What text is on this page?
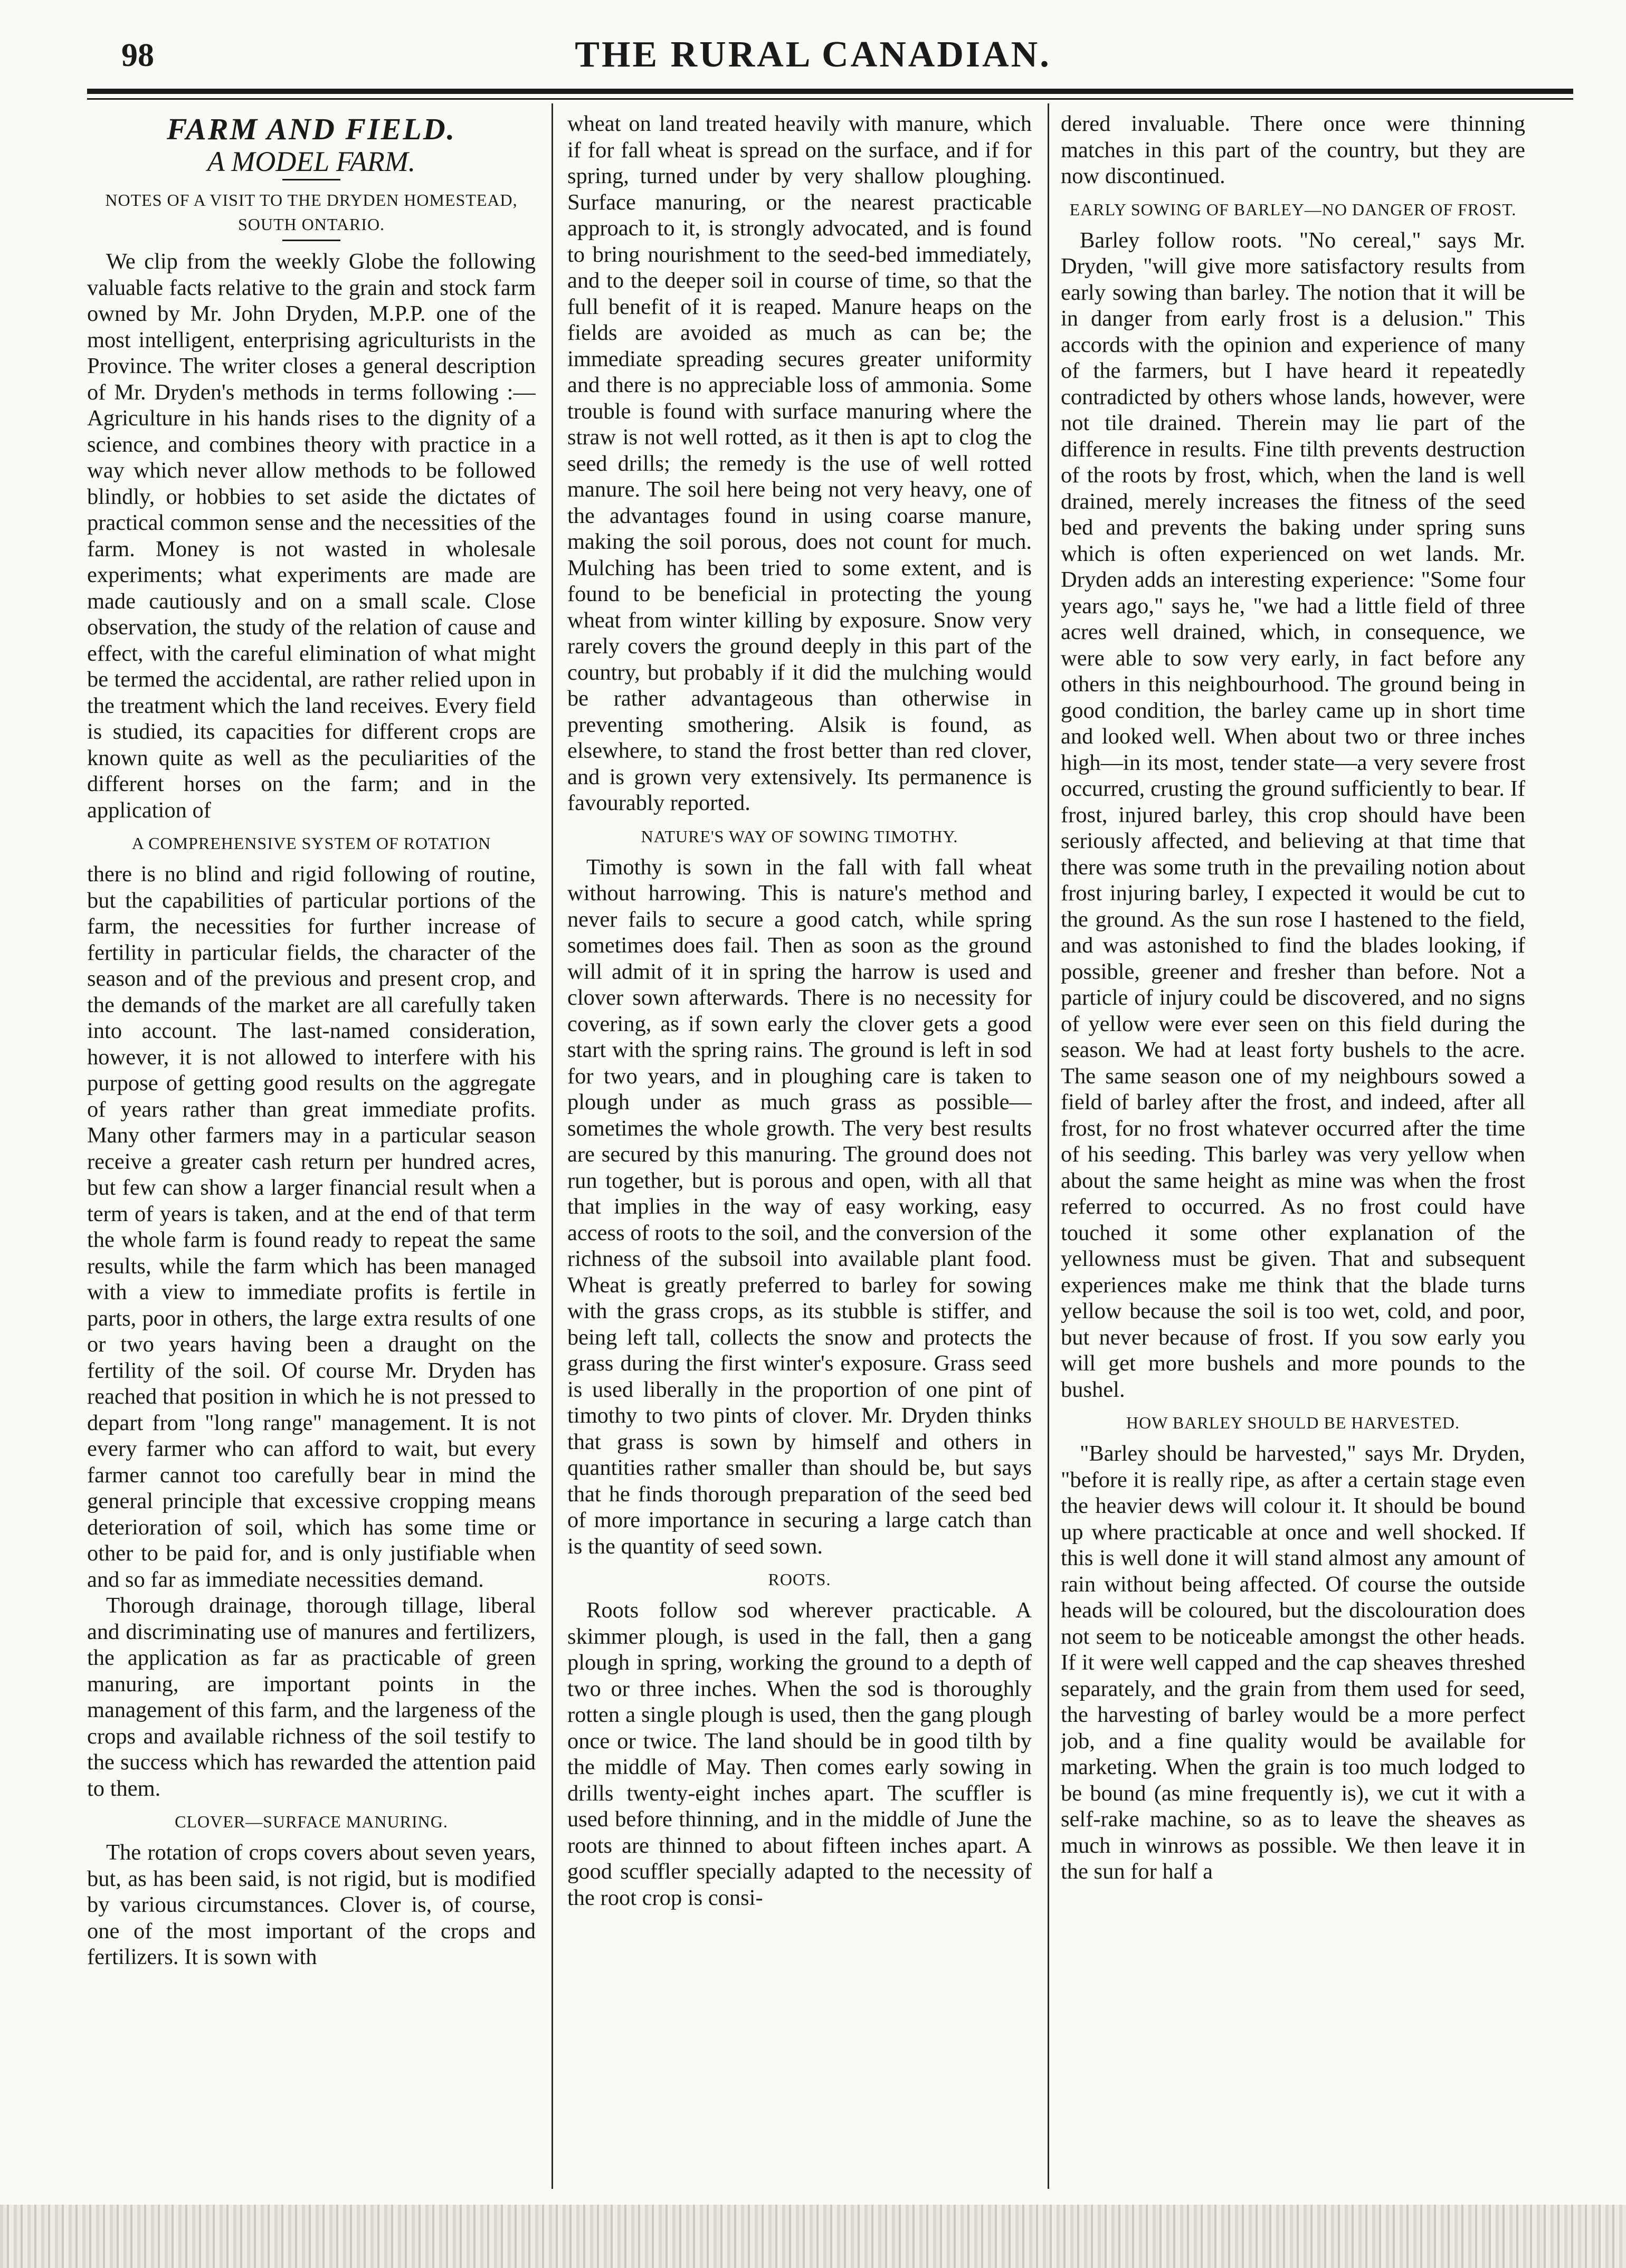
98	THE RURAL CANADIAN.
FARM AND FIELD.
A MODEL FARM.
NOTES OF A VISIT TO THE DRYDEN HOMESTEAD, SOUTH ONTARIO.

We clip from the weekly Globe the following valuable facts relative to the grain and stock farm owned by Mr. John Dryden, M.P.P. one of the most intelligent, enterprising agriculturists in the Province. The writer closes a general description of Mr. Dryden's methods in terms following :—Agriculture in his hands rises to the dignity of a science, and combines theory with practice in a way which never allow methods to be followed blindly, or hobbies to set aside the dictates of practical common sense and the necessities of the farm. Money is not wasted in wholesale experiments; what experiments are made are made cautiously and on a small scale. Close observation, the study of the relation of cause and effect, with the careful elimination of what might be termed the accidental, are rather relied upon in the treatment which the land receives. Every field is studied, its capacities for different crops are known quite as well as the peculiarities of the different horses on the farm; and in the application of

A COMPREHENSIVE SYSTEM OF ROTATION

there is no blind and rigid following of routine, but the capabilities of particular portions of the farm, the necessities for further increase of fertility in particular fields, the character of the season and of the previous and present crop, and the demands of the market are all carefully taken into account. The last-named consideration, however, it is not allowed to interfere with his purpose of getting good results on the aggregate of years rather than great immediate profits. Many other farmers may in a particular season receive a greater cash return per hundred acres, but few can show a larger financial result when a term of years is taken, and at the end of that term the whole farm is found ready to repeat the same results, while the farm which has been managed with a view to immediate profits is fertile in parts, poor in others, the large extra results of one or two years having been a draught on the fertility of the soil. Of course Mr. Dryden has reached that position in which he is not pressed to depart from "long range" management. It is not every farmer who can afford to wait, but every farmer cannot too carefully bear in mind the general principle that excessive cropping means deterioration of soil, which has some time or other to be paid for, and is only justifiable when and so far as immediate necessities demand.

Thorough drainage, thorough tillage, liberal and discriminating use of manures and fertilizers, the application as far as practicable of green manuring, are important points in the management of this farm, and the largeness of the crops and available richness of the soil testify to the success which has rewarded the attention paid to them.

CLOVER—SURFACE MANURING.

The rotation of crops covers about seven years, but, as has been said, is not rigid, but is modified by various circumstances. Clover is, of course, one of the most important of the crops and fertilizers. It is sown with

wheat on land treated heavily with manure, which if for fall wheat is spread on the surface, and if for spring, turned under by very shallow ploughing. Surface manuring, or the nearest practicable approach to it, is strongly advocated, and is found to bring nourishment to the seed-bed immediately, and to the deeper soil in course of time, so that the full benefit of it is reaped. Manure heaps on the fields are avoided as much as can be; the immediate spreading secures greater uniformity and there is no appreciable loss of ammonia. Some trouble is found with surface manuring where the straw is not well rotted, as it then is apt to clog the seed drills; the remedy is the use of well rotted manure. The soil here being not very heavy, one of the advantages found in using coarse manure, making the soil porous, does not count for much. Mulching has been tried to some extent, and is found to be beneficial in protecting the young wheat from winter killing by exposure. Snow very rarely covers the ground deeply in this part of the country, but probably if it did the mulching would be rather advantageous than otherwise in preventing smothering. Alsik is found, as elsewhere, to stand the frost better than red clover, and is grown very extensively. Its permanence is favourably reported.

NATURE'S WAY OF SOWING TIMOTHY.

Timothy is sown in the fall with fall wheat without harrowing. This is nature's method and never fails to secure a good catch, while spring sometimes does fail. Then as soon as the ground will admit of it in spring the harrow is used and clover sown afterwards. There is no necessity for covering, as if sown early the clover gets a good start with the spring rains. The ground is left in sod for two years, and in ploughing care is taken to plough under as much grass as possible—sometimes the whole growth. The very best results are secured by this manuring. The ground does not run together, but is porous and open, with all that that implies in the way of easy working, easy access of roots to the soil, and the conversion of the richness of the subsoil into available plant food. Wheat is greatly preferred to barley for sowing with the grass crops, as its stubble is stiffer, and being left tall, collects the snow and protects the grass during the first winter's exposure. Grass seed is used liberally in the proportion of one pint of timothy to two pints of clover. Mr. Dryden thinks that grass is sown by himself and others in quantities rather smaller than should be, but says that he finds thorough preparation of the seed bed of more importance in securing a large catch than is the quantity of seed sown.

ROOTS.

Roots follow sod wherever practicable. A skimmer plough, is used in the fall, then a gang plough in spring, working the ground to a depth of two or three inches. When the sod is thoroughly rotten a single plough is used, then the gang plough once or twice. The land should be in good tilth by the middle of May. Then comes early sowing in drills twenty-eight inches apart. The scuffler is used before thinning, and in the middle of June the roots are thinned to about fifteen inches apart. A good scuffler specially adapted to the necessity of the root crop is consi-

dered invaluable. There once were thinning matches in this part of the country, but they are now discontinued.

EARLY SOWING OF BARLEY—NO DANGER OF FROST.

Barley follow roots. "No cereal," says Mr. Dryden, "will give more satisfactory results from early sowing than barley. The notion that it will be in danger from early frost is a delusion." This accords with the opinion and experience of many of the farmers, but I have heard it repeatedly contradicted by others whose lands, however, were not tile drained. Therein may lie part of the difference in results. Fine tilth prevents destruction of the roots by frost, which, when the land is well drained, merely increases the fitness of the seed bed and prevents the baking under spring suns which is often experienced on wet lands. Mr. Dryden adds an interesting experience: "Some four years ago," says he, "we had a little field of three acres well drained, which, in consequence, we were able to sow very early, in fact before any others in this neighbourhood. The ground being in good condition, the barley came up in short time and looked well. When about two or three inches high—in its most, tender state—a very severe frost occurred, crusting the ground sufficiently to bear. If frost, injured barley, this crop should have been seriously affected, and believing at that time that there was some truth in the prevailing notion about frost injuring barley, I expected it would be cut to the ground. As the sun rose I hastened to the field, and was astonished to find the blades looking, if possible, greener and fresher than before. Not a particle of injury could be discovered, and no signs of yellow were ever seen on this field during the season. We had at least forty bushels to the acre. The same season one of my neighbours sowed a field of barley after the frost, and indeed, after all frost, for no frost whatever occurred after the time of his seeding. This barley was very yellow when about the same height as mine was when the frost referred to occurred. As no frost could have touched it some other explanation of the yellowness must be given. That and subsequent experiences make me think that the blade turns yellow because the soil is too wet, cold, and poor, but never because of frost. If you sow early you will get more bushels and more pounds to the bushel.

HOW BARLEY SHOULD BE HARVESTED.

"Barley should be harvested," says Mr. Dryden, "before it is really ripe, as after a certain stage even the heavier dews will colour it. It should be bound up where practicable at once and well shocked. If this is well done it will stand almost any amount of rain without being affected. Of course the outside heads will be coloured, but the discolouration does not seem to be noticeable amongst the other heads. If it were well capped and the cap sheaves threshed separately, and the grain from them used for seed, the harvesting of barley would be a more perfect job, and a fine quality would be available for marketing. When the grain is too much lodged to be bound (as mine frequently is), we cut it with a self-rake machine, so as to leave the sheaves as much in winrows as possible. We then leave it in the sun for half a
